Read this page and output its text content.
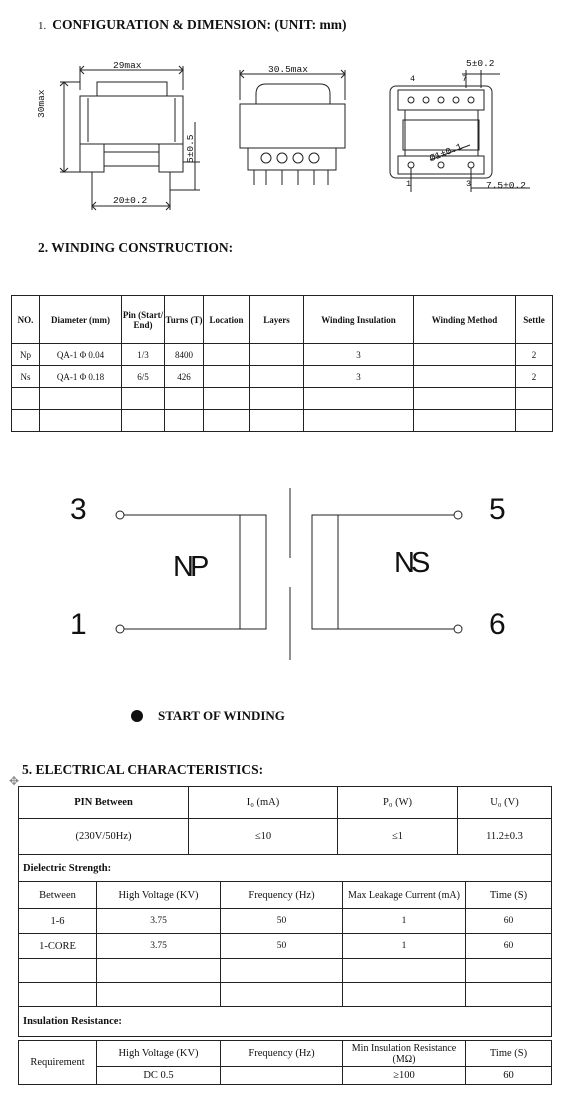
1. CONFIGURATION & DIMENSION: (UNIT: mm)
29max
30max
5±0.5
20±0.2
30.5max
5±0.2
Ø1±0.1
7.5±0.2
1	3
4	7
2. WINDING CONSTRUCTION:
NO.	Diameter (mm)	Pin (Start/ End)	Turns (T)	Location	Layers	Winding Insulation	Winding Method	Settle
Np	QA-1 Φ 0.04	1/3	8400			3		2
Ns	QA-1 Φ 0.18	6/5	426			3		2

3
1
5
6
NP	NS
START OF WINDING
✥
5. ELECTRICAL CHARACTERISTICS:
PIN Between	I₀ (mA)	P₀ (W)	U₀ (V)
(230V/50Hz)	≤10	≤1	11.2±0.3
Dielectric Strength:				
Between	High Voltage (KV)	Frequency (Hz)	Max Leakage Current (mA)	Time (S)
1-6	3.75	50	1	60
1-CORE	3.75	50	1	60

Insulation Resistance:				
Requirement	High Voltage (KV)	Frequency (Hz)	Min Insulation Resistance (MΩ)	Time (S)
	DC 0.5		≥100	60
